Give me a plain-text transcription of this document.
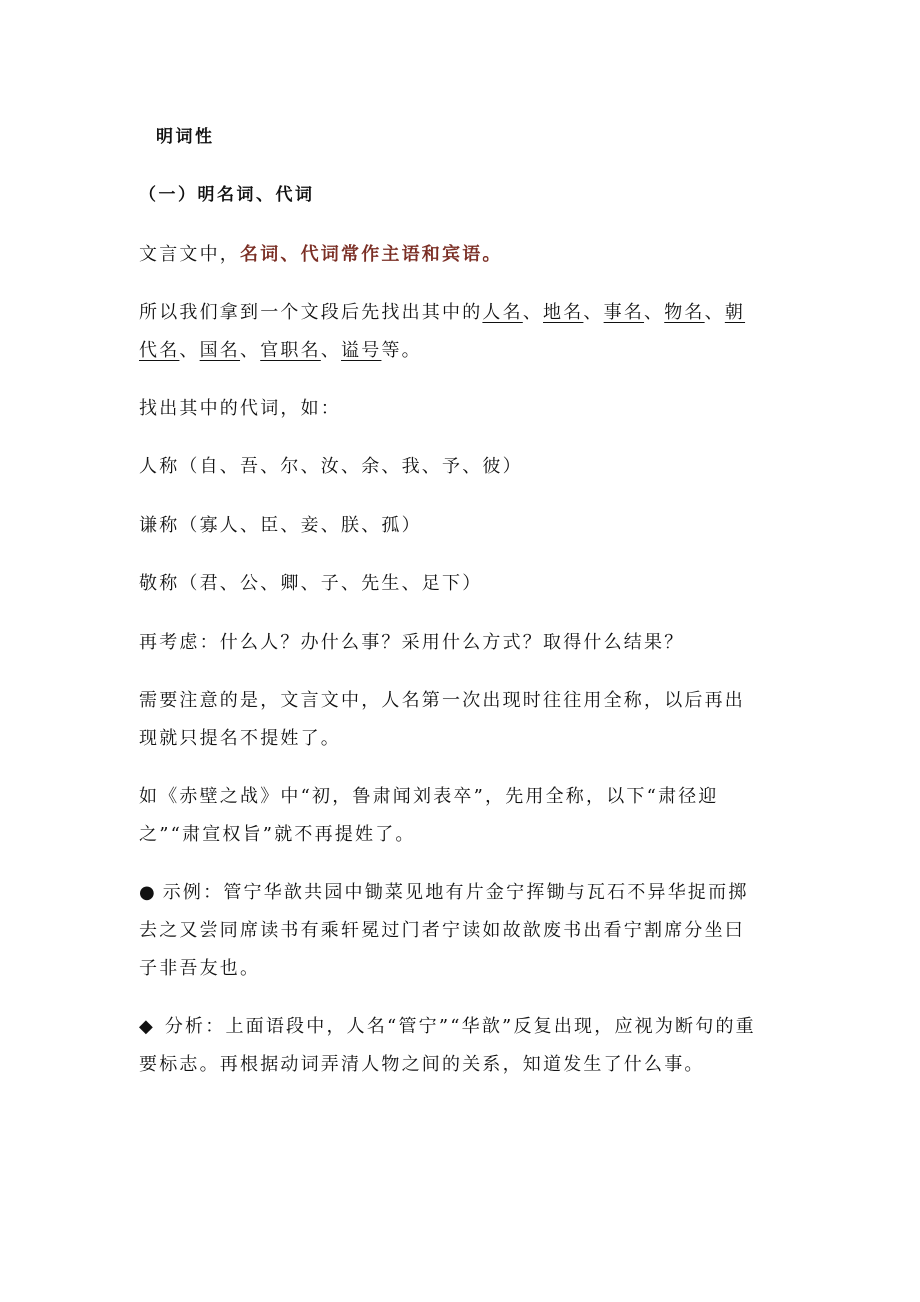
明词性
（一）明名词、代词
文言文中，名词、代词常作主语和宾语。
所以我们拿到一个文段后先找出其中的人名、地名、事名、物名、朝
代名、国名、官职名、谥号等。
找出其中的代词，如：
人称（自、吾、尔、汝、余、我、予、彼）
谦称（寡人、臣、妾、朕、孤）
敬称（君、公、卿、子、先生、足下）
再考虑：什么人？办什么事？采用什么方式？取得什么结果？
需要注意的是，文言文中，人名第一次出现时往往用全称，以后再出
现就只提名不提姓了。
如《赤壁之战》中“初，鲁肃闻刘表卒”，先用全称，以下“肃径迎
之”“肃宣权旨”就不再提姓了。
● 示例：管宁华歆共园中锄菜见地有片金宁挥锄与瓦石不异华捉而掷
去之又尝同席读书有乘轩冕过门者宁读如故歆废书出看宁割席分坐曰
子非吾友也。
◆ 分析：上面语段中，人名“管宁”“华歆”反复出现，应视为断句的重
要标志。再根据动词弄清人物之间的关系，知道发生了什么事。
